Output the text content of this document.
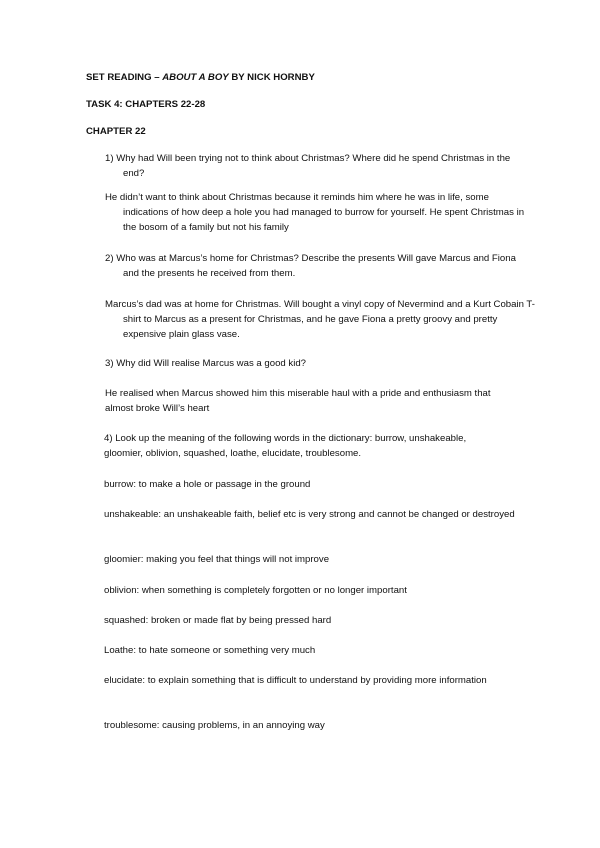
SET READING – ABOUT A BOY BY NICK HORNBY
TASK 4: CHAPTERS 22-28
CHAPTER 22
1) Why had Will been trying not to think about Christmas? Where did he spend Christmas in the end?
He didn’t want to think about Christmas because it reminds him where he was in life, some indications of how deep a hole you had managed to burrow for yourself. He spent Christmas in the bosom of a family but not his family
2) Who was at Marcus’s home for Christmas? Describe the presents Will gave Marcus and Fiona and the presents he received from them.
Marcus’s dad was at home for Christmas. Will bought a vinyl copy of Nevermind and a Kurt Cobain T-shirt to Marcus as a present for Christmas, and he gave Fiona a pretty groovy and pretty expensive plain glass vase.
3) Why did Will realise Marcus was a good kid?
He realised when Marcus showed him this miserable haul with a pride and enthusiasm that almost broke Will’s heart
4) Look up the meaning of the following words in the dictionary: burrow, unshakeable, gloomier, oblivion, squashed, loathe, elucidate, troublesome.
burrow: to make a hole or passage in the ground
unshakeable: an unshakeable faith, belief etc is very strong and cannot be changed or destroyed
gloomier: making you feel that things will not improve
oblivion: when something is completely forgotten or no longer important
squashed: broken or made flat by being pressed hard
Loathe: to hate someone or something very much
elucidate: to explain something that is difficult to understand by providing more information
troublesome: causing problems, in an annoying way
